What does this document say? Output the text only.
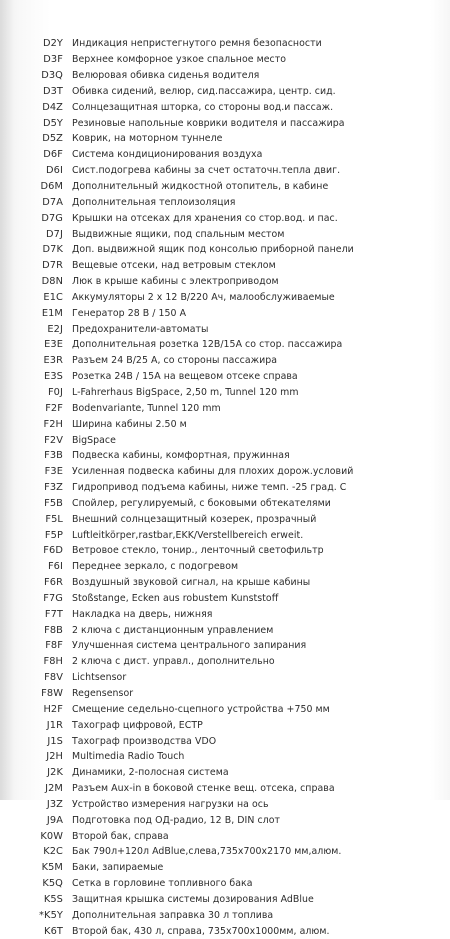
D2Y Индикация непристегнутого ремня безопасности
D3F Верхнее комфорное узкое спальное место
D3Q Велюровая обивка сиденья водителя
D3T Обивка сидений, велюр, сид.пассажира, центр. сид.
D4Z Солнцезащитная шторка, со стороны вод.и пассаж.
D5Y Резиновые напольные коврики водителя и пассажира
D5Z Коврик, на моторном туннеле
D6F Система кондиционирования воздуха
D6I Сист.подогрева кабины за счет остаточн.тепла двиг.
D6M Дополнительный жидкостной отопитель, в кабине
D7A Дополнительная теплоизоляция
D7G Крышки на отсеках для хранения со стор.вод. и пас.
D7J Выдвижные ящики, под спальным местом
D7K Доп. выдвижной ящик под консолью приборной панели
D7R Вещевые отсеки, над ветровым стеклом
D8N Люк в крыше кабины с электроприводом
E1C Аккумуляторы 2 х 12 В/220 Ач, малообслуживаемые
E1M Генератор 28 В / 150 А
E2J Предохранители-автоматы
E3E Дополнительная розетка 12В/15А со стор. пассажира
E3R Разъем 24 В/25 А, со стороны пассажира
E3S Розетка 24В / 15А на вещевом отсеке справа
F0J L-Fahrerhaus BigSpace, 2,50 m, Tunnel 120 mm
F2F Bodenvariante, Tunnel 120 mm
F2H Ширина кабины 2.50 м
F2V BigSpace
F3B Подвеска кабины, комфортная, пружинная
F3E Усиленная подвеска кабины для плохих дорож.условий
F3Z Гидропривод подъема кабины, ниже темп. -25 град. С
F5B Спойлер, регулируемый, с боковыми обтекателями
F5L Внешний солнцезащитный козерек, прозрачный
F5P Luftleitkörper,rastbar,EKK/Verstellbereich erweit.
F6D Ветровое стекло, тонир., ленточный светофильтр
F6I Переднее зеркало, с подогревом
F6R Воздушный звуковой сигнал, на крыше кабины
F7G Stoßstange, Ecken aus robustem Kunststoff
F7T Накладка на дверь, нижняя
F8B 2 ключа с дистанционным управлением
F8F Улучшенная система центрального запирания
F8H 2 ключа с дист. управл., дополнительно
F8V Lichtsensor
F8W Regensensor
H2F Смещение седельно-сцепного устройства +750 мм
J1R Тахограф цифровой, ЕСТР
J1S Тахограф производства VDO
J2H Multimedia Radio Touch
J2K Динамики, 2-полосная система
J2M Разъем Aux-in в боковой стенке вещ. отсека, справа
J3Z Устройство измерения нагрузки на ось
J9A Подготовка под ОД-радио, 12 В, DIN слот
K0W Второй бак, справа
K2C Бак 790л+120л AdBlue,слева,735х700х2170 мм,алюм.
K5M Баки, запираемые
K5Q Сетка в горловине топливного бака
K5S Защитная крышка системы дозирования AdBlue
*K5Y Дополнительная заправка 30 л топлива
K6T Второй бак, 430 л, справа, 735х700х1000мм, алюм.
